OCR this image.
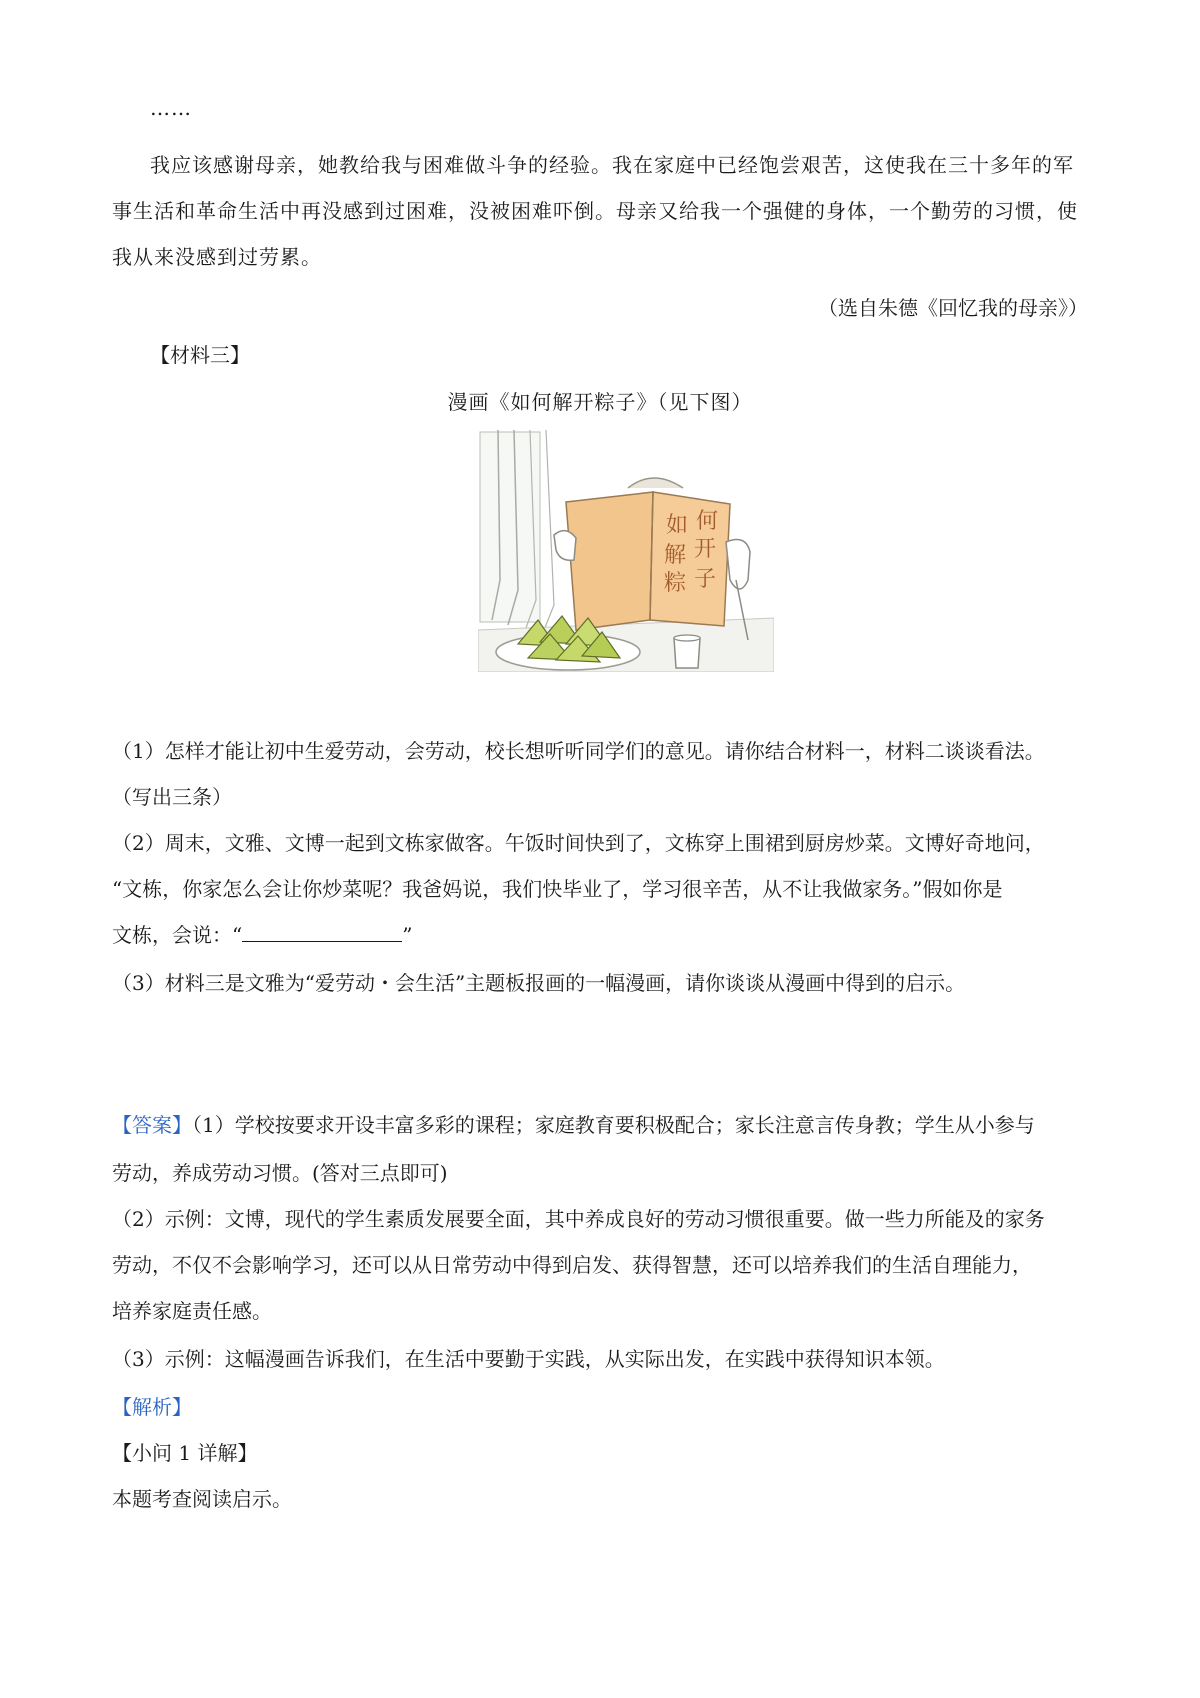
……
我应该感谢母亲，她教给我与困难做斗争的经验。我在家庭中已经饱尝艰苦，这使我在三十多年的军
事生活和革命生活中再没感到过困难，没被困难吓倒。母亲又给我一个强健的身体，一个勤劳的习惯，使
我从来没感到过劳累。
（选自朱德《回忆我的母亲》）
【材料三】
漫画《如何解开粽子》（见下图）
如 何
解 开
粽 子
（1）怎样才能让初中生爱劳动，会劳动，校长想听听同学们的意见。请你结合材料一，材料二谈谈看法。
（写出三条）
（2）周末，文雅、文博一起到文栋家做客。午饭时间快到了，文栋穿上围裙到厨房炒菜。文博好奇地问，
“文栋，你家怎么会让你炒菜呢？我爸妈说，我们快毕业了，学习很辛苦，从不让我做家务。”假如你是
文栋，会说：“	”
（3）材料三是文雅为“爱劳动・会生活”主题板报画的一幅漫画，请你谈谈从漫画中得到的启示。
【答案】（1）学校按要求开设丰富多彩的课程；家庭教育要积极配合；家长注意言传身教；学生从小参与
劳动，养成劳动习惯。(答对三点即可)
（2）示例：文博，现代的学生素质发展要全面，其中养成良好的劳动习惯很重要。做一些力所能及的家务
劳动，不仅不会影响学习，还可以从日常劳动中得到启发、获得智慧，还可以培养我们的生活自理能力，
培养家庭责任感。
（3）示例：这幅漫画告诉我们，在生活中要勤于实践，从实际出发，在实践中获得知识本领。
【解析】
【小问 1 详解】
本题考查阅读启示。
